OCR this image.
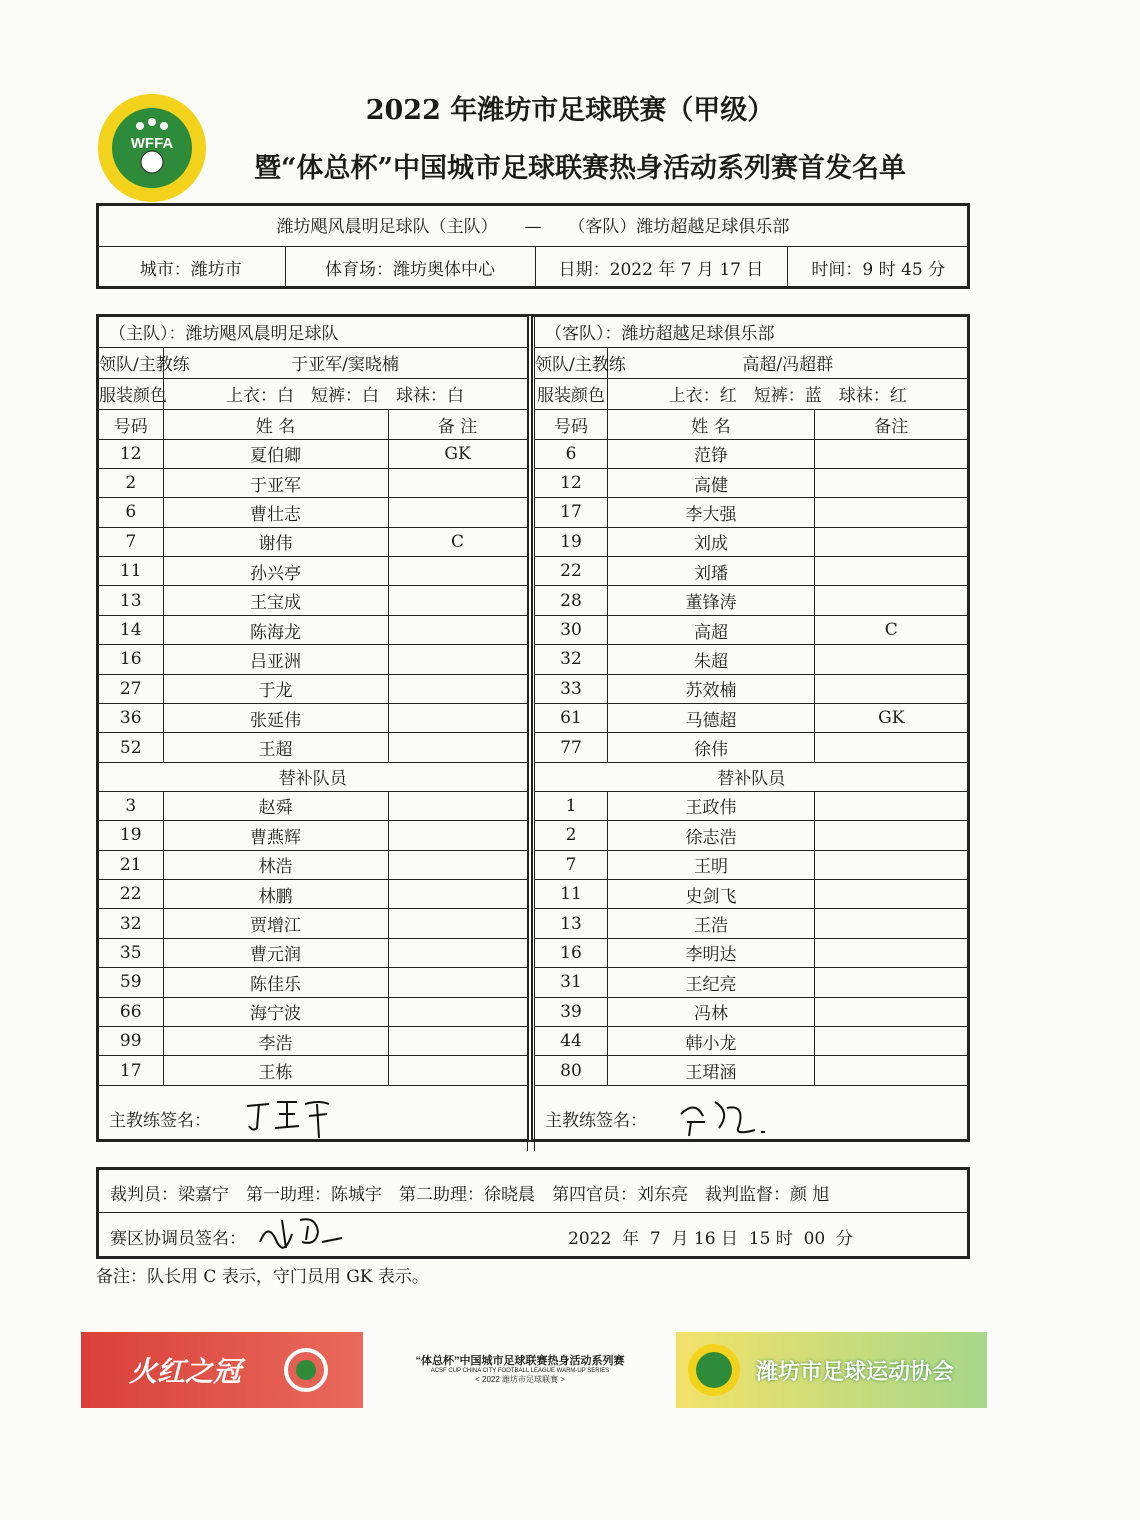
WFFA
2022 年潍坊市足球联赛（甲级）
暨“体总杯”中国城市足球联赛热身活动系列赛首发名单
潍坊飓风晨明足球队（主队） — （客队）潍坊超越足球俱乐部
城市：潍坊市	体育场：潍坊奥体中心	日期：2022 年 7 月 17 日	时间：9 时 45 分
（主队）：潍坊飓风晨明足球队		
领队/主教练	于亚军/窦晓楠	
服装颜色	上衣：白　短裤：白　球袜：白	
号码	姓 名	备 注
12	夏伯卿	GK
2	于亚军	
6	曹壮志	
7	谢伟	C
11	孙兴亭	
13	王宝成	
14	陈海龙	
16	吕亚洲	
27	于龙	
36	张延伟	
52	王超	
替补队员		
3	赵舜	
19	曹燕辉	
21	林浩	
22	林鹏	
32	贾增江	
35	曹元润	
59	陈佳乐	
66	海宁波	
99	李浩	
17	王栋	
主教练签名：		
（客队）：潍坊超越足球俱乐部		
领队/主教练	高超/冯超群	
服装颜色	上衣：红　短裤：蓝　球袜：红	
号码	姓 名	备注
6	范铮	
12	高健	
17	李大强	
19	刘成	
22	刘璠	
28	董锋涛	
30	高超	C
32	朱超	
33	苏效楠	
61	马德超	GK
77	徐伟	
替补队员		
1	王政伟	
2	徐志浩	
7	王明	
11	史剑飞	
13	王浩	
16	李明达	
31	王纪亮	
39	冯林	
44	韩小龙	
80	王珺涵	
主教练签名：		
裁判员：梁嘉宁　第一助理：陈城宇　第二助理：徐晓晨　第四官员：刘东亮　裁判监督：颜 旭
赛区协调员签名：	2022  年  7  月 16 日  15 时  00  分
备注：队长用 C 表示，守门员用 GK 表示。
火红之冠	“体总杯”中国城市足球联赛热身活动系列赛
ACSF CUP CHINA CITY FOOTBALL LEAGUE WARM-UP SERIES
< 2022 潍坊市足球联赛 >	潍坊市足球运动协会
